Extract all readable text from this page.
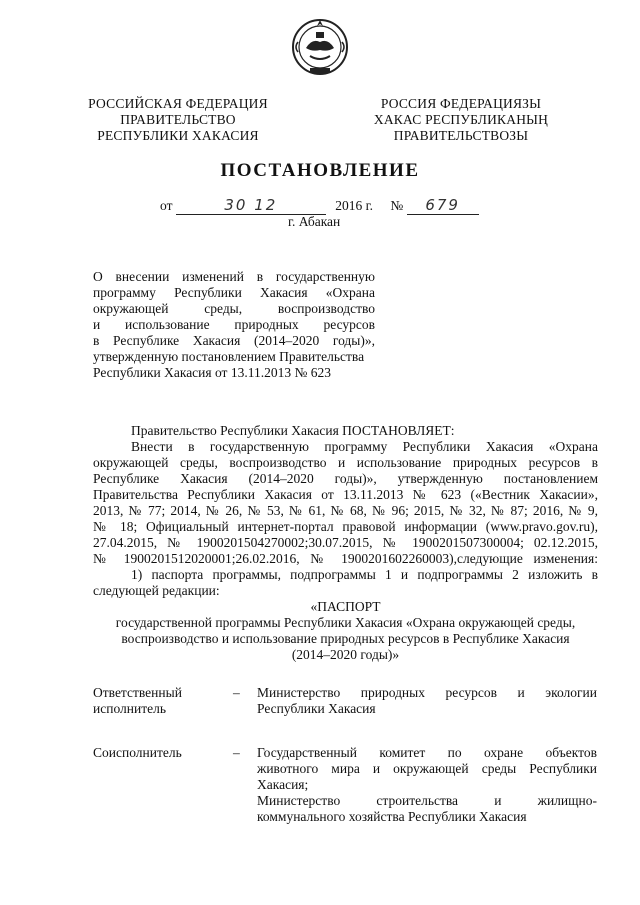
РОССИЙСКАЯ ФЕДЕРАЦИЯ
ПРАВИТЕЛЬСТВО
РЕСПУБЛИКИ ХАКАСИЯ
РОССИЯ ФЕДЕРАЦИЯЗЫ
ХАКАС РЕСПУБЛИКАНЫҢ
ПРАВИТЕЛЬСТВОЗЫ
ПОСТАНОВЛЕНИЕ
от	30 12	2016 г. № 679
г. Абакан
О внесении изменений в государственную
программу Республики Хакасия «Охрана
окружающей среды, воспроизводство
и использование природных ресурсов
в Республике Хакасия (2014–2020 годы)»,
утвержденную постановлением Правительства
Республики Хакасия от 13.11.2013 № 623

Правительство Республики Хакасия ПОСТАНОВЛЯЕТ:

Внести в государственную программу Республики Хакасия «Охрана

окружающей среды, воспроизводство и использование природных ресурсов в

Республике Хакасия (2014–2020 годы)», утвержденную постановлением

Правительства Республики Хакасия от 13.11.2013 № 623 («Вестник Хакасии»,

2013, № 77; 2014, № 26, № 53, № 61, № 68, № 96; 2015, № 32, № 87; 2016, № 9,

№ 18; Официальный интернет-портал правовой информации (www.pravo.gov.ru),

27.04.2015, № 1900201504270002;30.07.2015, № 1900201507300004; 02.12.2015,

№ 1900201512020001;26.02.2016, № 1900201602260003),следующие изменения:

1) паспорта программы, подпрограммы 1 и подпрограммы 2 изложить в

следующей редакции:

«ПАСПОРТ
государственной программы Республики Хакасия «Охрана окружающей среды,
воспроизводство и использование природных ресурсов в Республике Хакасия
(2014–2020 годы)»
Ответственный
исполнитель
– Министерство природных ресурсов и экологии

Республики Хакасия

Соисполнитель	– Государственный комитет по охране объектов

животного мира и окружающей среды Республики

Хакасия;

Министерство строительства и жилищно-

коммунального хозяйства Республики Хакасия
